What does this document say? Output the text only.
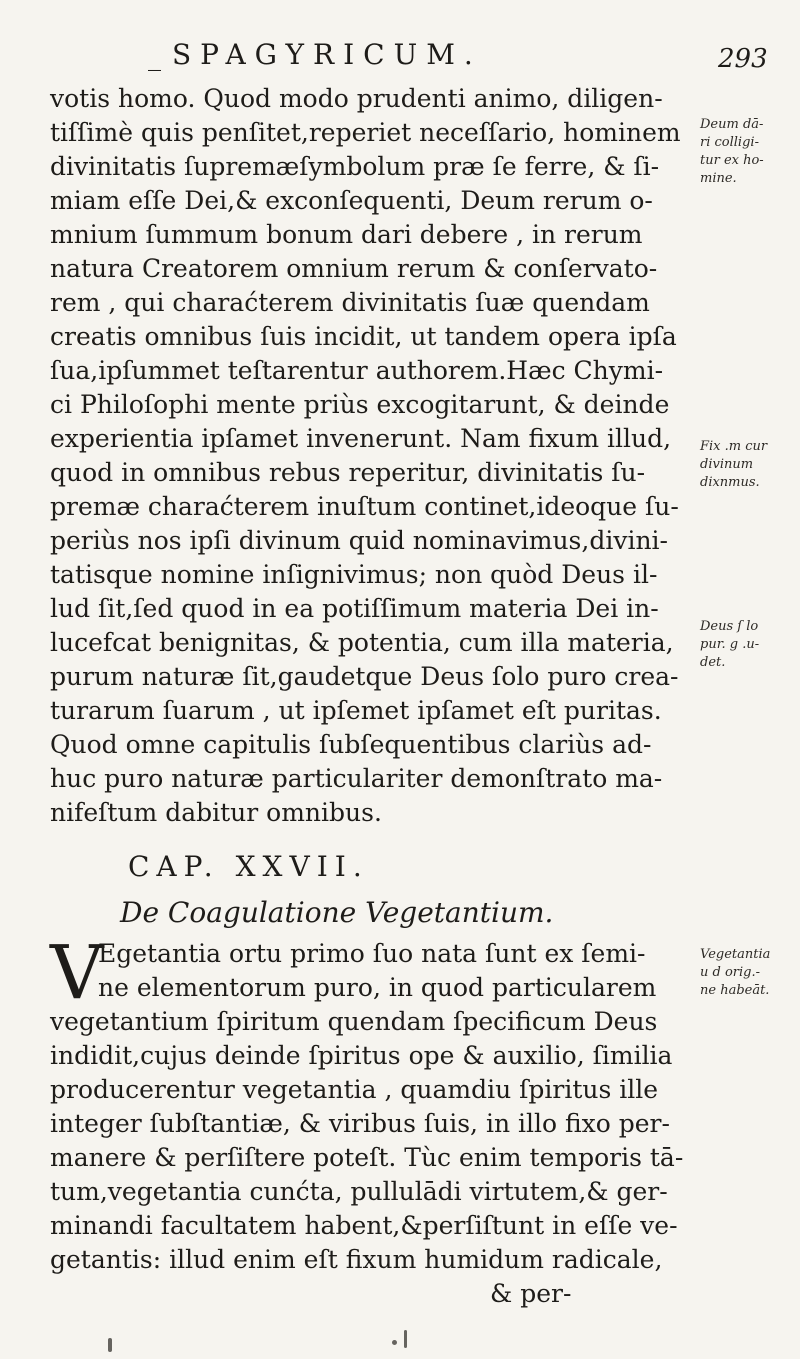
_ SPAGYRICUM.	293
votis homo. Quod modo prudenti animo, diligen-
tiſſimè quis penſitet,reperiet neceſſario, hominem
divinitatis ſupremæſymbolum præ ſe ferre, & ſi-
miam eſſe Dei,& exconſequenti, Deum rerum o-
mnium ſummum bonum dari debere , in rerum
natura Creatorem omnium rerum & conſervato-
rem , qui charaćterem divinitatis ſuæ quendam
creatis omnibus ſuis incidit, ut tandem opera ipſa
ſua,ipſummet teſtarentur authorem.Hæc Chymi-
ci Philoſophi mente priùs excogitarunt, & deinde
experientia ipſamet invenerunt. Nam fixum illud,
quod in omnibus rebus reperitur, divinitatis ſu-
premæ charaćterem inuſtum continet,ideoque ſu-
periùs nos ipſi divinum quid nominavimus,divini-
tatisque nomine inſignivimus; non quòd Deus il-
lud ſit,ſed quod in ea potiſſimum materia Dei in-
lucefcat benignitas, & potentia, cum illa materia,
purum naturæ ſit,gaudetque Deus ſolo puro crea-
turarum ſuarum , ut ipſemet ipſamet eſt puritas.
Quod omne capitulis ſubſequentibus clariùs ad-
huc puro naturæ particulariter demonſtrato ma-
nifeſtum dabitur omnibus.
CAP. XXVII.
De Coagulatione Vegetantium.
V
Egetantia ortu primo ſuo nata ſunt ex ſemi-
ne elementorum puro, in quod particularem
vegetantium ſpiritum quendam ſpecificum Deus
indidit,cujus deinde ſpiritus ope & auxilio, ſimilia
producerentur vegetantia , quamdiu ſpiritus ille
integer ſubſtantiæ, & viribus ſuis, in illo fixo per-
manere & perſiſtere poteſt. Tùc enim temporis tā-
tum,vegetantia cunćta, pullulādi virtutem,& ger-
minandi facultatem habent,&perſiſtunt in eſſe ve-
getantis: illud enim eſt fixum humidum radicale,
& per-
Deum dā-
ri colligi-
tur ex ho-
mine.
Fix .m cur
divinum
dixnmus.
Deus ſ lo
pur. g .u-
det.
Vegetantia
u d orig.-
ne habeāt.
